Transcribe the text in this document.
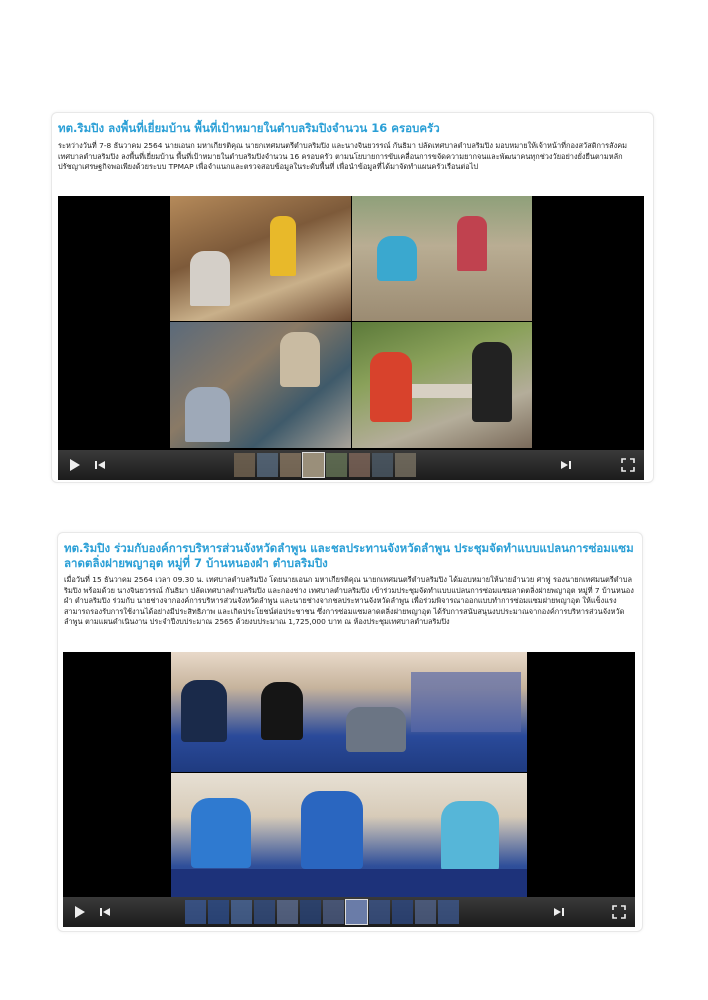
ทต.ริมปิง ลงพื้นที่เยี่ยมบ้าน พื้นที่เป้าหมายในตำบลริมปิงจำนวน 16 ครอบครัว
ระหว่างวันที่ 7-8 ธันวาคม 2564 นายเอนก มหาเกียรติคุณ นายกเทศมนตรีตำบลริมปิง และนางจินยวรรณ์ กันธิมา ปลัดเทศบาลตำบลริมปิง มอบหมายให้เจ้าหน้าที่กองสวัสดิการสังคมเทศบาลตำบลริมปิง ลงพื้นที่เยี่ยมบ้าน พื้นที่เป้าหมายในตำบลริมปิงจำนวน 16 ครอบครัว ตามนโยบายการขับเคลื่อนการขจัดความยากจนและพัฒนาคนทุกช่วงวัยอย่างยั่งยืนตามหลักปรัชญาเศรษฐกิจพอเพียงด้วยระบบ TPMAP เพื่อจำแนกและตรวจสอบข้อมูลในระดับพื้นที่ เพื่อนำข้อมูลที่ได้มาจัดทำแผนครัวเรือนต่อไป
ทต.ริมปิง ร่วมกับองค์การบริหารส่วนจังหวัดลำพูน และชลประทานจังหวัดลำพูน ประชุมจัดทำแบบแปลนการซ่อมแซมลาดตลิ่งฝายพญาอุต หมู่ที่ 7 บ้านหนองผำ ตำบลริมปิง
เมื่อวันที่ 15 ธันวาคม 2564 เวลา 09.30 น. เทศบาลตำบลริมปิง โดยนายเอนก มหาเกียรติคุณ นายกเทศมนตรีตำบลริมปิง ได้มอบหมายให้นายอำนวย ศาฟู รองนายกเทศมนตรีตำบลริมปิง พร้อมด้วย นางจินยวรรณ์ กันธิมา ปลัดเทศบาลตำบลริมปิง และกองช่าง เทศบาลตำบลริมปิง เข้าร่วมประชุมจัดทำแบบแปลนการซ่อมแซมลาดตลิ่งฝายพญาอุต หมู่ที่ 7 บ้านหนองผำ ตำบลริมปิง ร่วมกับ นายช่างจากองค์การบริหารส่วนจังหวัดลำพูน และนายช่างจากชลประทานจังหวัดลำพูน เพื่อร่วมพิจารณาออกแบบทำการซ่อมแซมฝายพญาอุต ให้แข็งแรง สามารถรองรับการใช้งานได้อย่างมีประสิทธิภาพ และเกิดประโยชน์ต่อประชาชน ซึ่งการซ่อมแซมลาดตลิ่งฝายพญาอุต ได้รับการสนับสนุนงบประมาณจากองค์การบริหารส่วนจังหวัดลำพูน ตามแผนดำเนินงาน ประจำปีงบประมาณ 2565 ด้วยงบประมาณ 1,725,000 บาท ณ ห้องประชุมเทศบาลตำบลริมปิง
